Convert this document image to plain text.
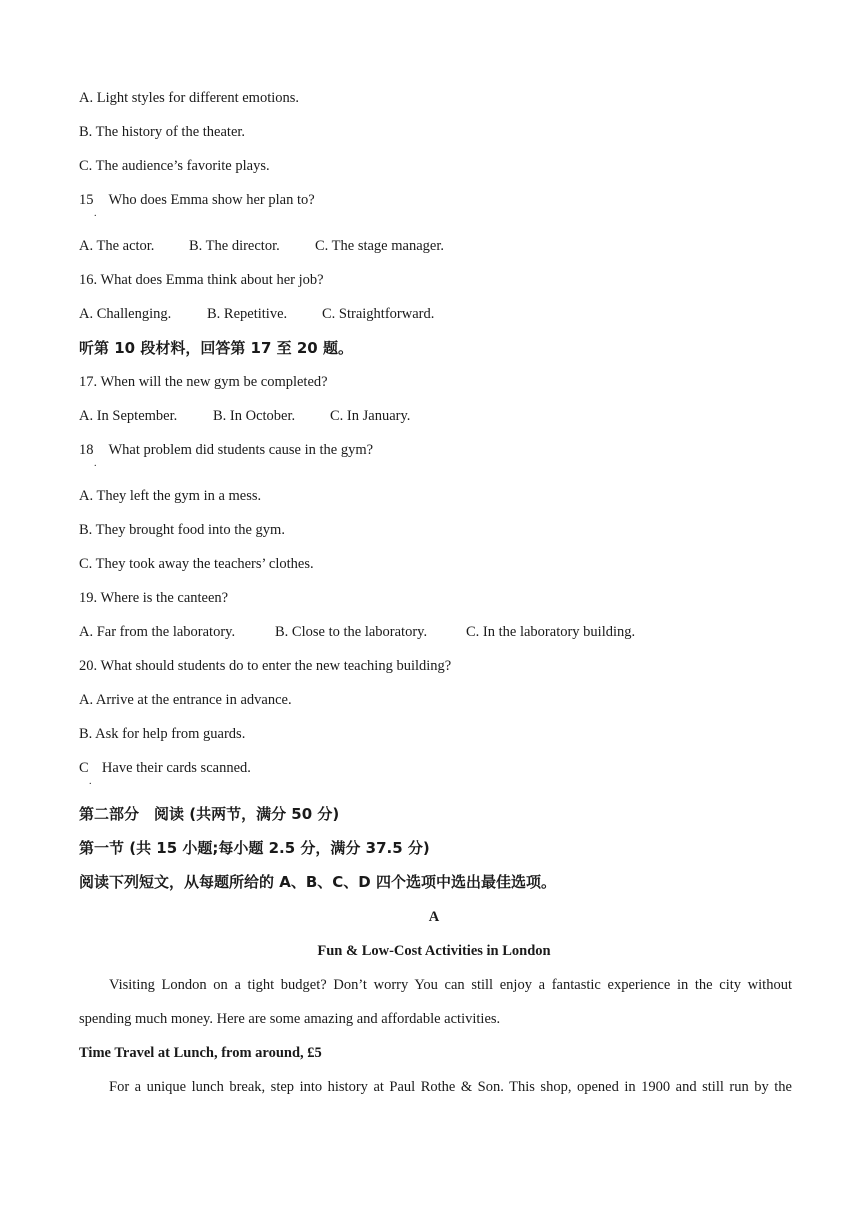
A. Light styles for different emotions.
B. The history of the theater.
C. The audience’s favorite plays.
15 Who does Emma show her plan to?
.
A. The actor. B. The director. C. The stage manager.
16. What does Emma think about her job?
A. Challenging. B. Repetitive. C. Straightforward.
听第 10 段材料，回答第 17 至 20 题。
17. When will the new gym be completed?
A. In September. B. In October. C. In January.
18 What problem did students cause in the gym?
.
A. They left the gym in a mess.
B. They brought food into the gym.
C. They took away the teachers’ clothes.
19. Where is the canteen?
A. Far from the laboratory.	B. Close to the laboratory.	C. In the laboratory building.
20. What should students do to enter the new teaching building?
A. Arrive at the entrance in advance.
B. Ask for help from guards.
C Have their cards scanned.
.
第二部分　阅读 (共两节，满分 50 分)
第一节 (共 15 小题;每小题 2.5 分，满分 37.5 分)
阅读下列短文，从每题所给的 A、B、C、D 四个选项中选出最佳选项。
A
Fun & Low-Cost Activities in London
Visiting London on a tight budget? Don’t worry You can still enjoy a fantastic experience in the city without
spending much money. Here are some amazing and affordable activities.
Time Travel at Lunch, from around, £5
For a unique lunch break, step into history at Paul Rothe & Son. This shop, opened in 1900 and still run by the
